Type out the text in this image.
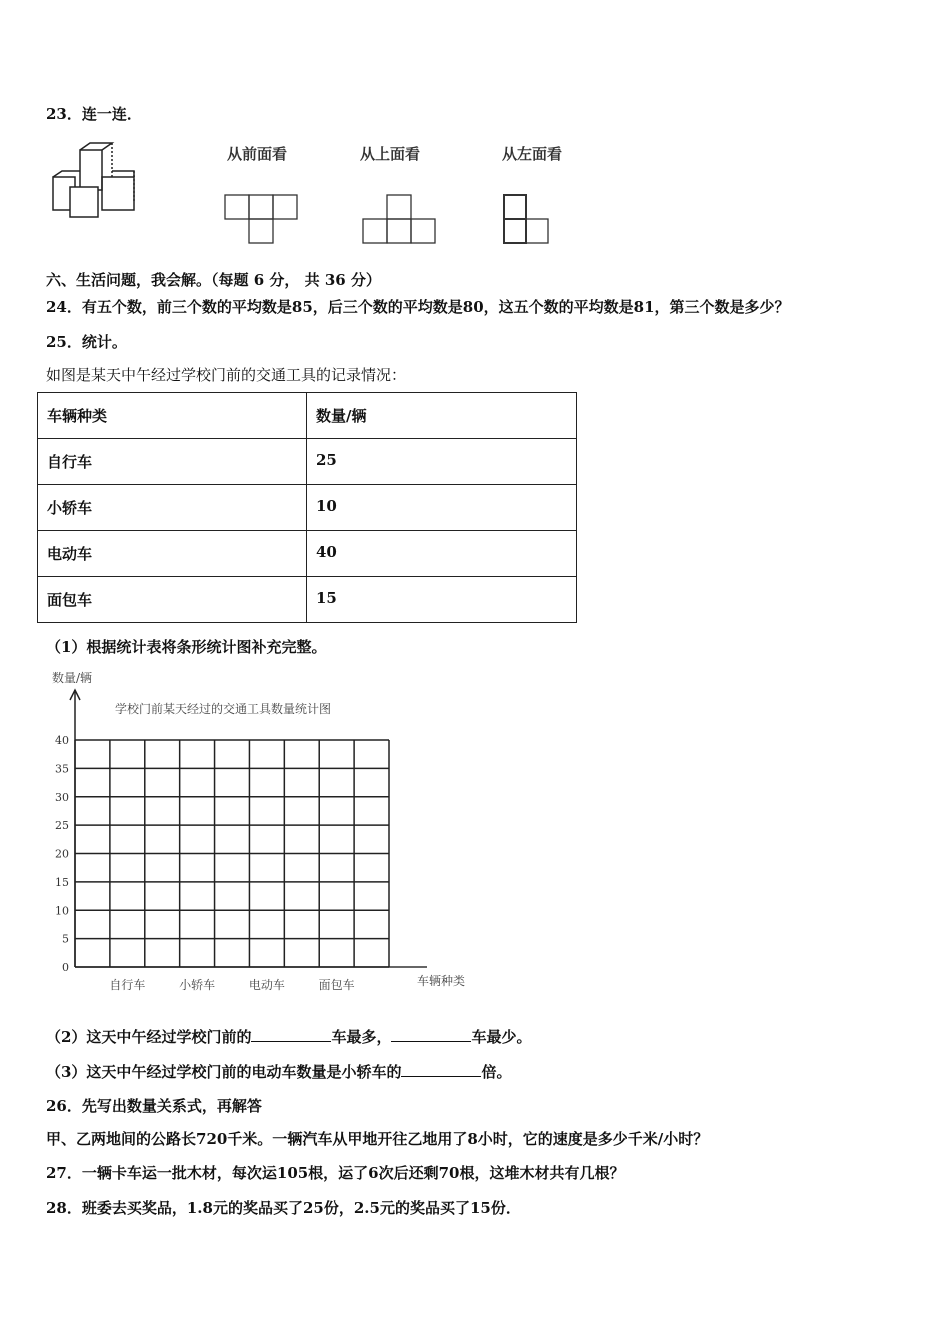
23．连一连．
从前面看	从上面看	从左面看
六、生活问题，我会解。（每题 6 分， 共 36 分）
24．有五个数，前三个数的平均数是85，后三个数的平均数是80，这五个数的平均数是81，第三个数是多少？
25．统计。
如图是某天中午经过学校门前的交通工具的记录情况：
车辆种类	数量/辆
自行车	25
小轿车	10
电动车	40
面包车	15
（1）根据统计表将条形统计图补充完整。
数量/辆
学校门前某天经过的交通工具数量统计图
车辆种类
0
5
10
15
20
25
30
35
40
自行车	小轿车	电动车	面包车
（2）这天中午经过学校门前的	车最多，	车最少。
（3）这天中午经过学校门前的电动车数量是小轿车的	倍。
26．先写出数量关系式，再解答
甲、乙两地间的公路长720千米。一辆汽车从甲地开往乙地用了8小时，它的速度是多少千米/小时？
27．一辆卡车运一批木材，每次运105根，运了6次后还剩70根，这堆木材共有几根？
28．班委去买奖品，1.8元的奖品买了25份，2.5元的奖品买了15份．
